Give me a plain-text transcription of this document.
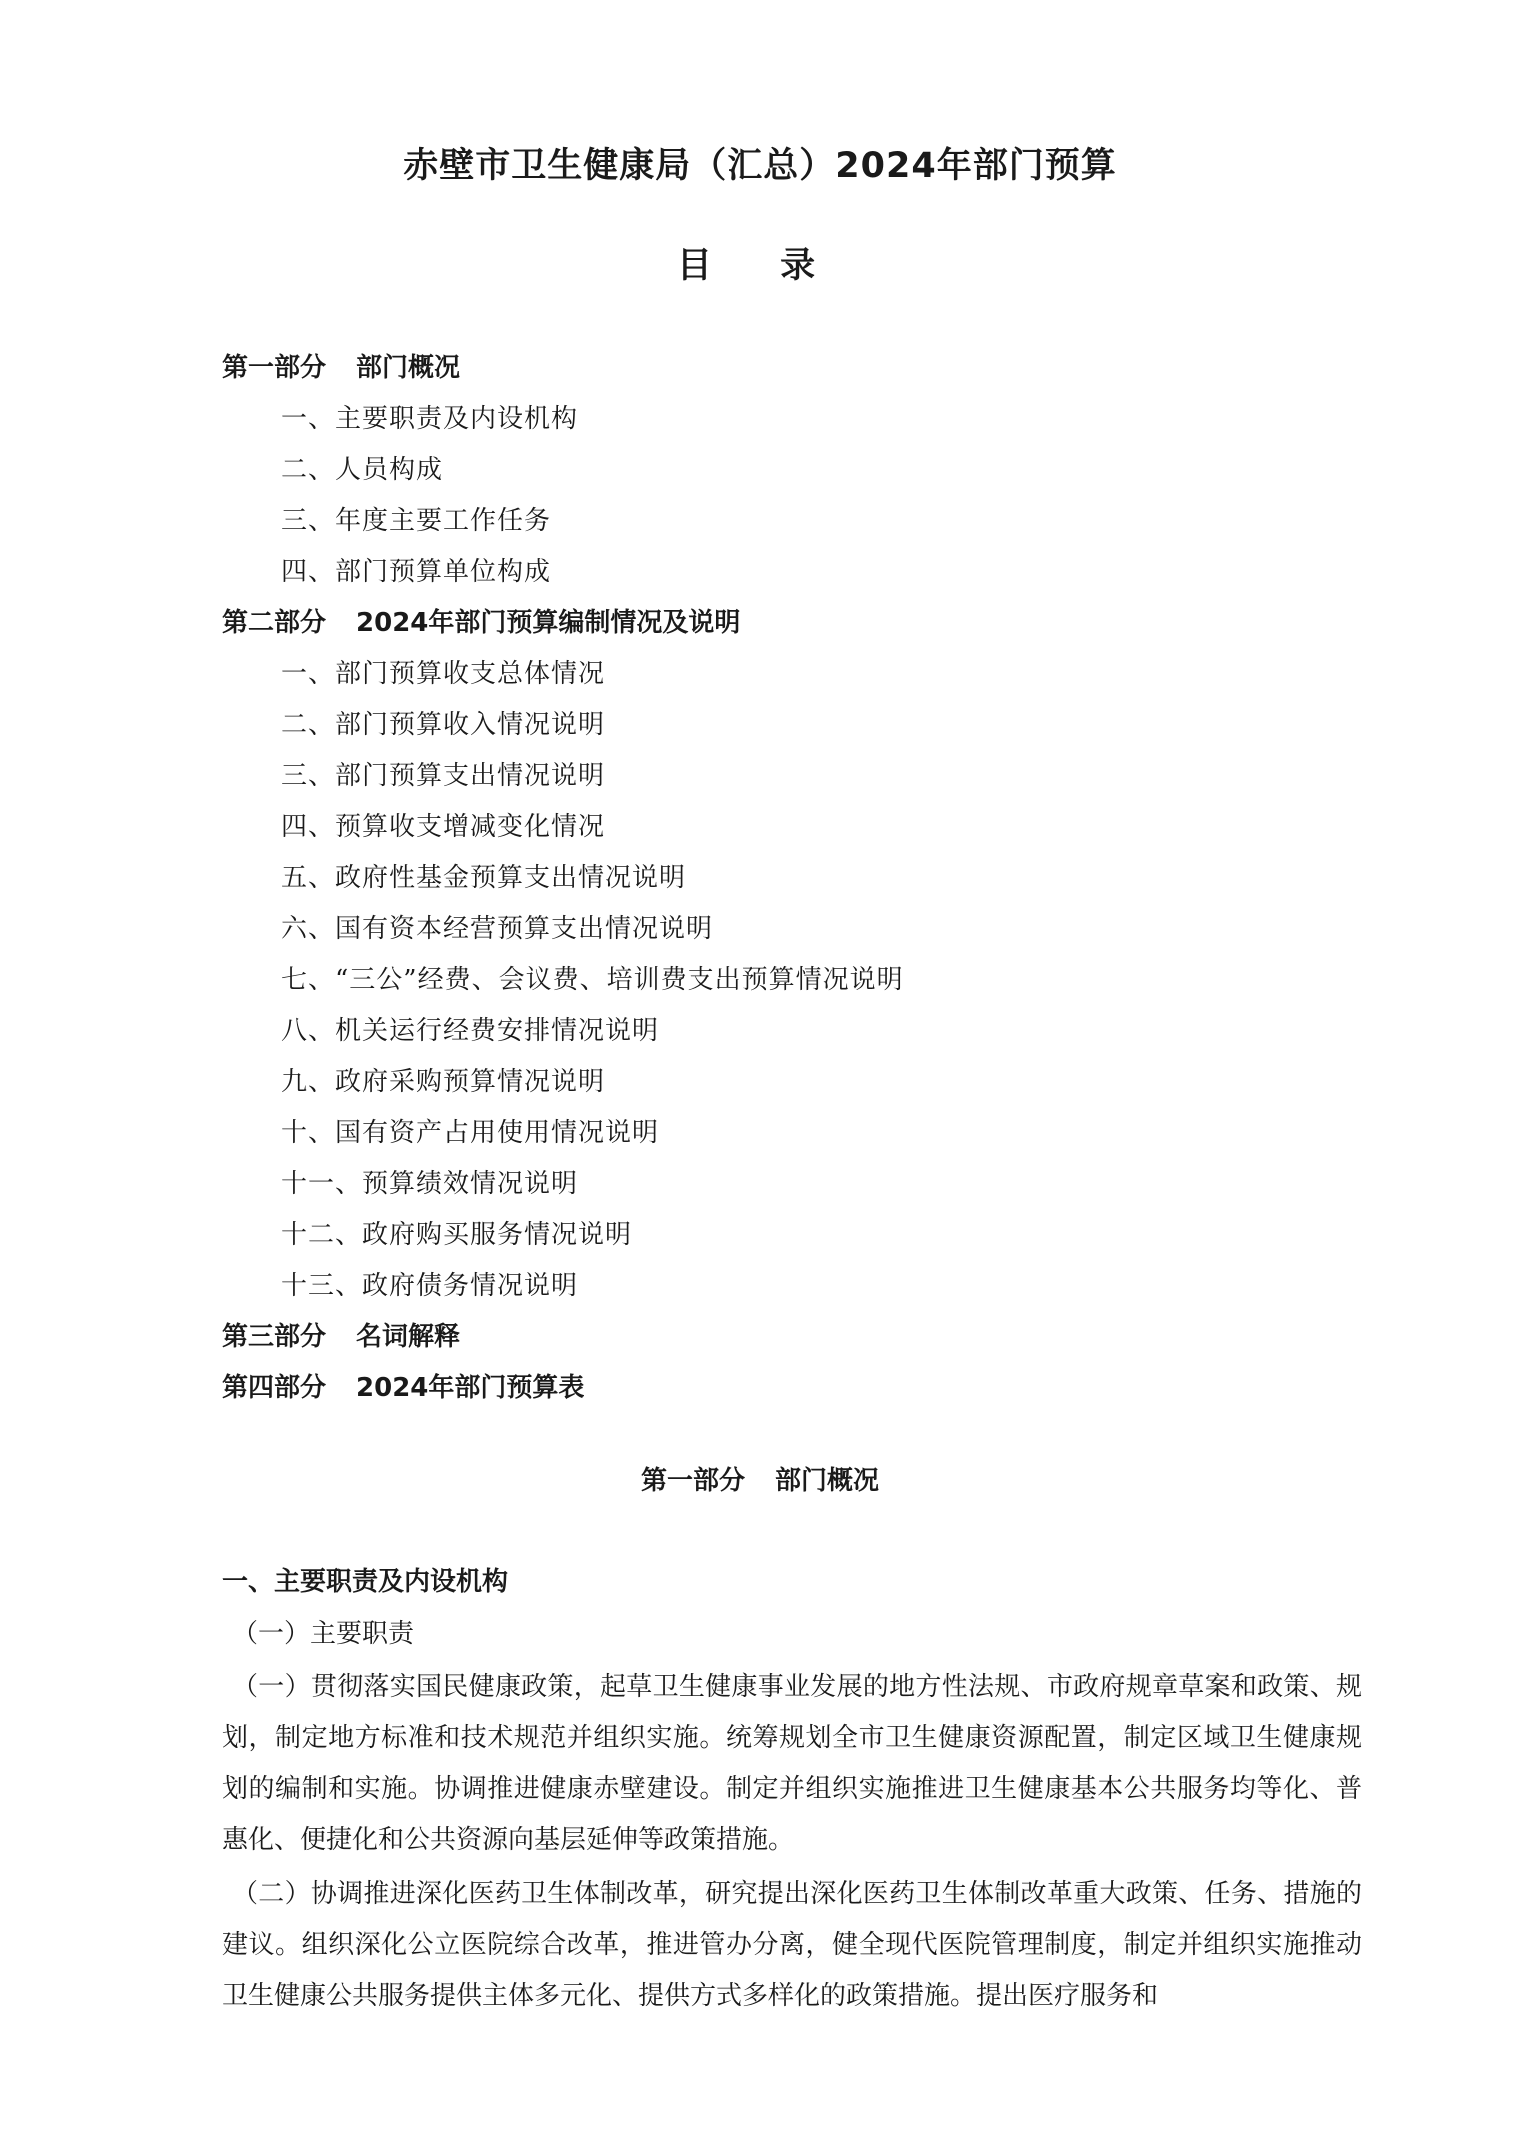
赤壁市卫生健康局（汇总）2024年部门预算
目 录
第一部分 部门概况
一、主要职责及内设机构
二、人员构成
三、年度主要工作任务
四、部门预算单位构成
第二部分 2024年部门预算编制情况及说明
一、部门预算收支总体情况
二、部门预算收入情况说明
三、部门预算支出情况说明
四、预算收支增减变化情况
五、政府性基金预算支出情况说明
六、国有资本经营预算支出情况说明
七、“三公”经费、会议费、培训费支出预算情况说明
八、机关运行经费安排情况说明
九、政府采购预算情况说明
十、国有资产占用使用情况说明
十一、预算绩效情况说明
十二、政府购买服务情况说明
十三、政府债务情况说明
第三部分 名词解释
第四部分 2024年部门预算表
第一部分 部门概况
一、主要职责及内设机构
（一）主要职责
（一）贯彻落实国民健康政策，起草卫生健康事业发展的地方性法规、市政府规章草案和政策、规划，制定地方标准和技术规范并组织实施。统筹规划全市卫生健康资源配置，制定区域卫生健康规划的编制和实施。协调推进健康赤壁建设。制定并组织实施推进卫生健康基本公共服务均等化、普惠化、便捷化和公共资源向基层延伸等政策措施。
（二）协调推进深化医药卫生体制改革，研究提出深化医药卫生体制改革重大政策、任务、措施的建议。组织深化公立医院综合改革，推进管办分离，健全现代医院管理制度，制定并组织实施推动卫生健康公共服务提供主体多元化、提供方式多样化的政策措施。提出医疗服务和
